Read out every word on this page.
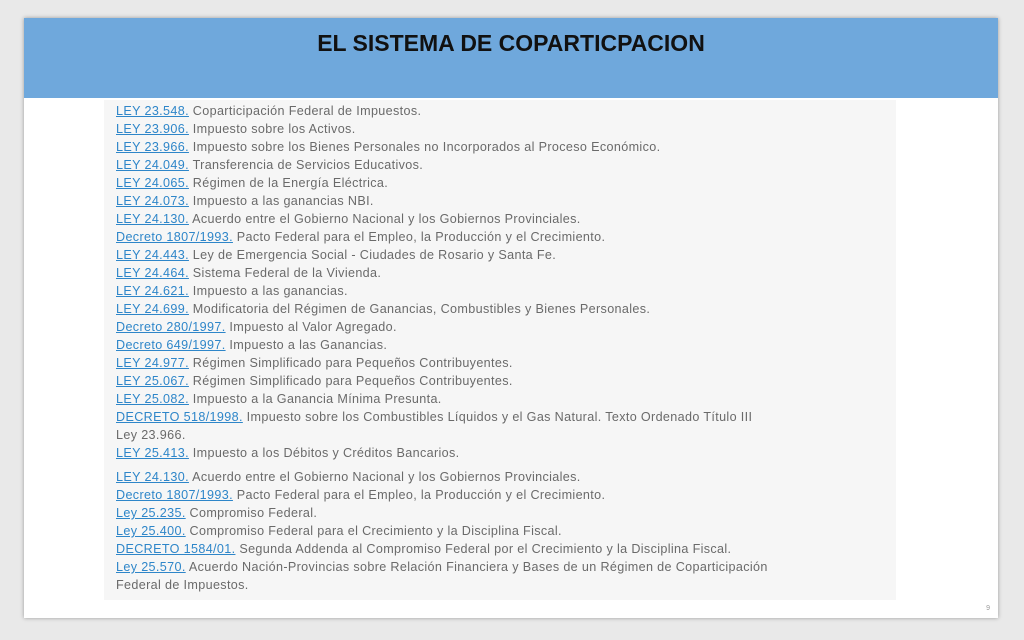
EL SISTEMA DE COPARTICPACION
LEY 23.548. Coparticipación Federal de Impuestos.
LEY 23.906. Impuesto sobre los Activos.
LEY 23.966. Impuesto sobre los Bienes Personales no Incorporados al Proceso Económico.
LEY 24.049. Transferencia de Servicios Educativos.
LEY 24.065. Régimen de la Energía Eléctrica.
LEY 24.073. Impuesto a las ganancias NBI.
LEY 24.130. Acuerdo entre el Gobierno Nacional y los Gobiernos Provinciales.
Decreto 1807/1993. Pacto Federal para el Empleo, la Producción y el Crecimiento.
LEY 24.443. Ley de Emergencia Social - Ciudades de Rosario y Santa Fe.
LEY 24.464. Sistema Federal de la Vivienda.
LEY 24.621. Impuesto a las ganancias.
LEY 24.699. Modificatoria del Régimen de Ganancias, Combustibles y Bienes Personales.
Decreto 280/1997. Impuesto al Valor Agregado.
Decreto 649/1997. Impuesto a las Ganancias.
LEY 24.977. Régimen Simplificado para Pequeños Contribuyentes.
LEY 25.067. Régimen Simplificado para Pequeños Contribuyentes.
LEY 25.082. Impuesto a la Ganancia Mínima Presunta.
DECRETO 518/1998. Impuesto sobre los Combustibles Líquidos y el Gas Natural. Texto Ordenado Título III
Ley 23.966.
LEY 25.413. Impuesto a los Débitos y Créditos Bancarios.
LEY 24.130. Acuerdo entre el Gobierno Nacional y los Gobiernos Provinciales.
Decreto 1807/1993. Pacto Federal para el Empleo, la Producción y el Crecimiento.
Ley 25.235. Compromiso Federal.
Ley 25.400. Compromiso Federal para el Crecimiento y la Disciplina Fiscal.
DECRETO 1584/01. Segunda Addenda al Compromiso Federal por el Crecimiento y la Disciplina Fiscal.
Ley 25.570. Acuerdo Nación-Provincias sobre Relación Financiera y Bases de un Régimen de Coparticipación
Federal de Impuestos.
9
